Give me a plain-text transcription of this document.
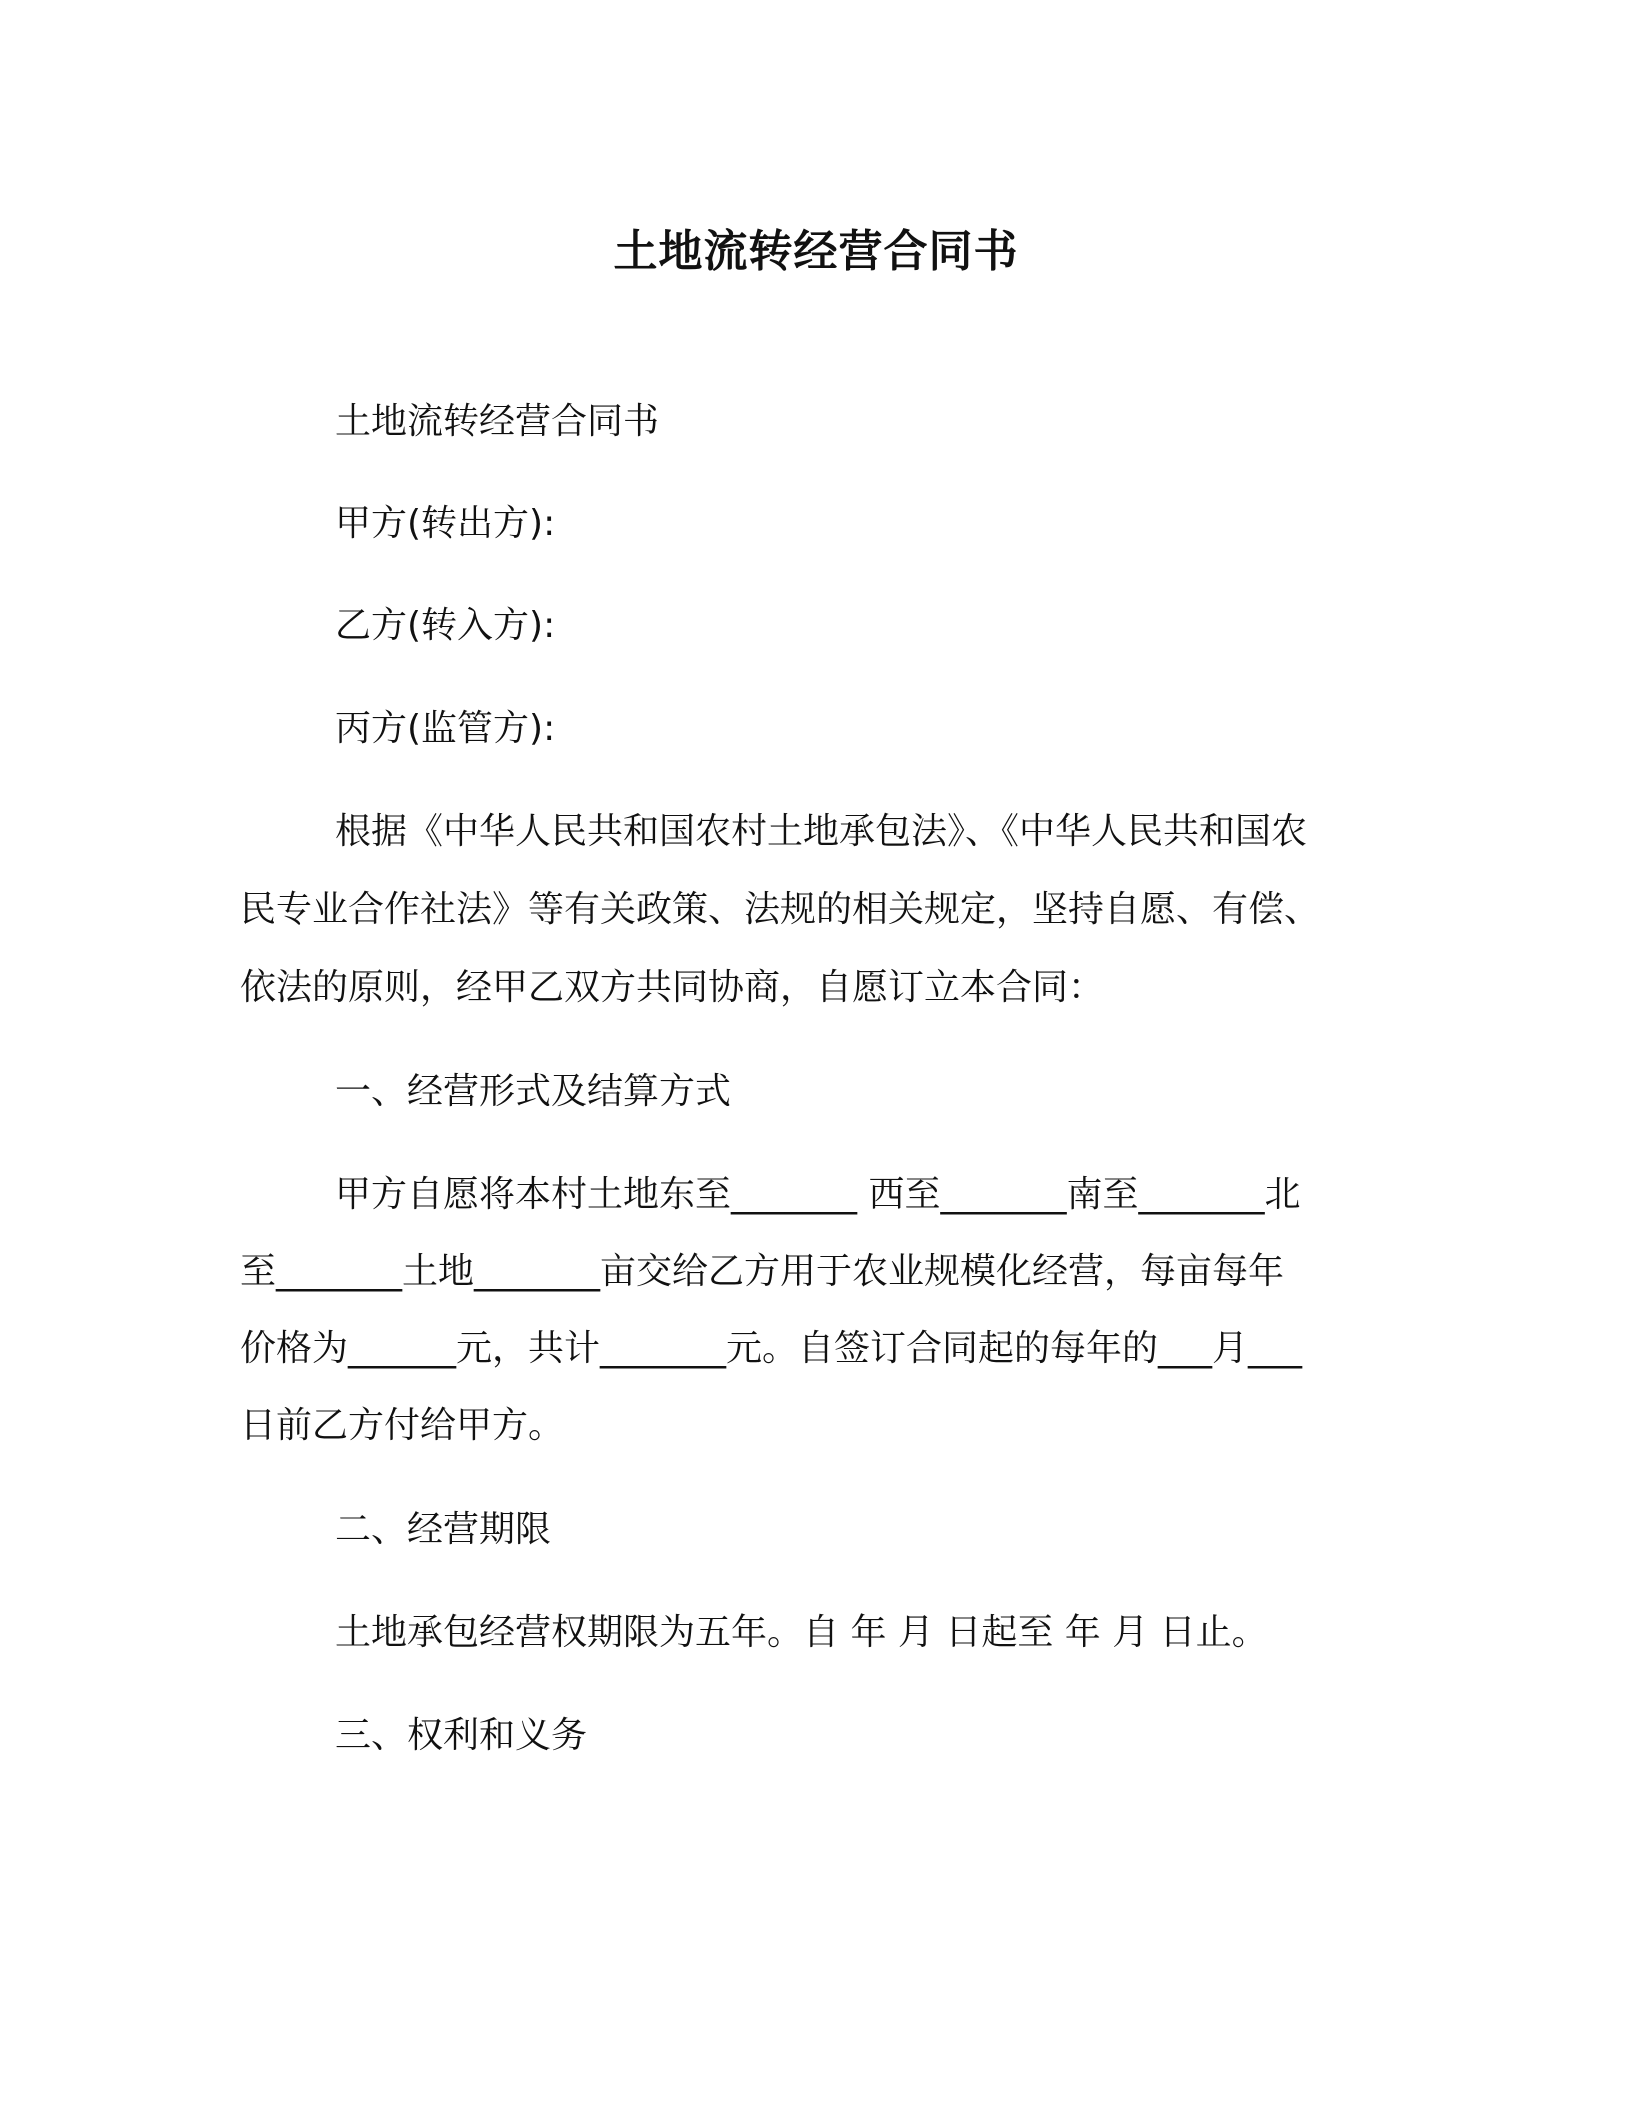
土地流转经营合同书
土地流转经营合同书
甲方(转出方):
乙方(转入方):
丙方(监管方):
根据《中华人民共和国农村土地承包法》、《中华人民共和国农
民专业合作社法》等有关政策、法规的相关规定，坚持自愿、有偿、
依法的原则，经甲乙双方共同协商，自愿订立本合同：
一、经营形式及结算方式
甲方自愿将本村土地东至_______ 西至_______南至_______北
至_______土地_______亩交给乙方用于农业规模化经营，每亩每年
价格为______元，共计_______元。自签订合同起的每年的___月___
日前乙方付给甲方。
二、经营期限
土地承包经营权期限为五年。自 年 月 日起至 年 月 日止。
三、权利和义务
